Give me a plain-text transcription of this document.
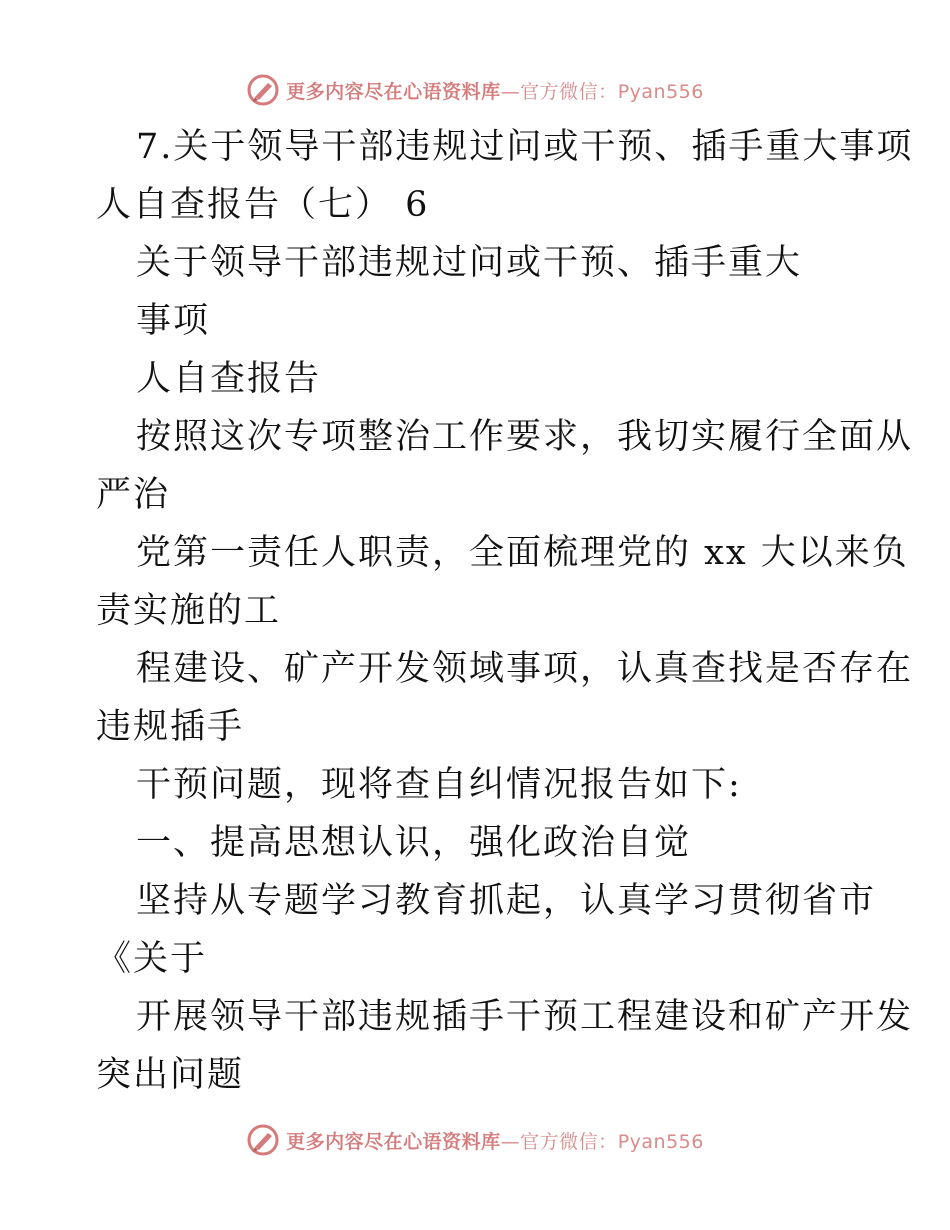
更多内容尽在心语资料库—官方微信：Pyan556
7.关于领导干部违规过问或干预、插手重大事项
人自查报告（七） 6
关于领导干部违规过问或干预、插手重大
事项
人自查报告
按照这次专项整治工作要求，我切实履行全面从
严治
党第一责任人职责，全面梳理党的 xx 大以来负
责实施的工
程建设、矿产开发领域事项，认真查找是否存在
违规插手
干预问题，现将查自纠情况报告如下:
一、提高思想认识，强化政治自觉
坚持从专题学习教育抓起，认真学习贯彻省市
《关于
开展领导干部违规插手干预工程建设和矿产开发
突出问题
更多内容尽在心语资料库—官方微信：Pyan556
